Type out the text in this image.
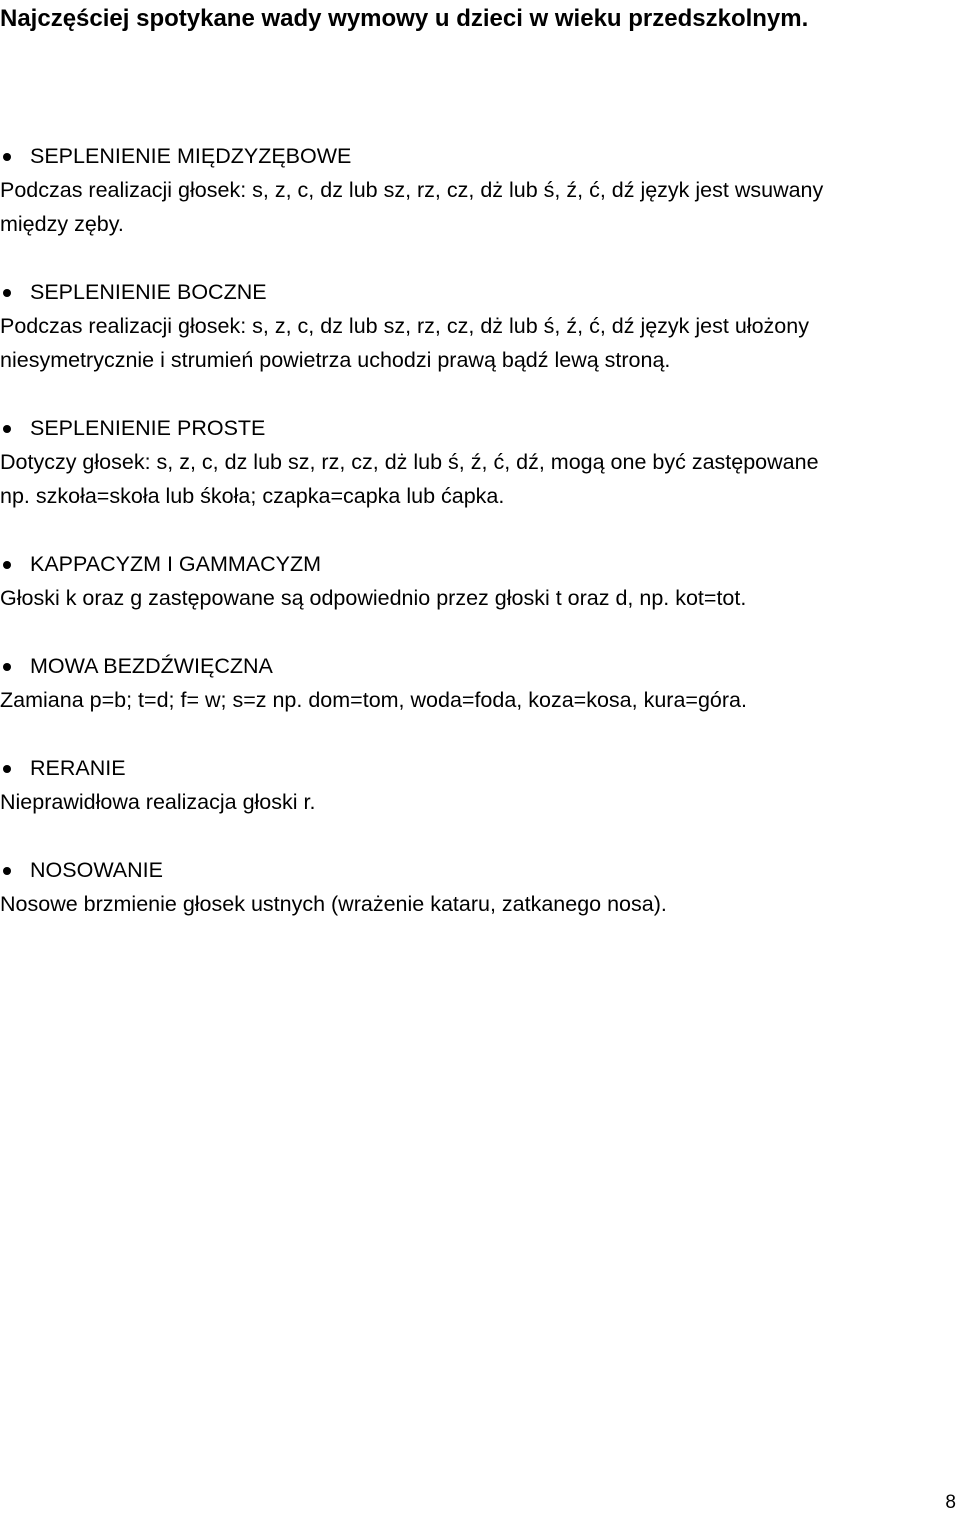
Najczęściej spotykane wady wymowy u dzieci w wieku przedszkolnym.
SEPLENIENIE MIĘDZYZĘBOWE
Podczas realizacji głosek: s, z, c, dz lub sz, rz, cz, dż lub ś, ź, ć, dź język jest wsuwany
między zęby.
SEPLENIENIE BOCZNE
Podczas realizacji głosek: s, z, c, dz lub sz, rz, cz, dż lub ś, ź, ć, dź język jest ułożony
niesymetrycznie i strumień powietrza uchodzi prawą bądź lewą stroną.
SEPLENIENIE PROSTE
Dotyczy głosek: s, z, c, dz lub sz, rz, cz, dż lub ś, ź, ć, dź, mogą one być zastępowane
np. szkoła=skoła lub śkoła; czapka=capka lub ćapka.
KAPPACYZM I GAMMACYZM
Głoski k oraz g zastępowane są odpowiednio przez głoski t oraz d, np. kot=tot.
MOWA BEZDŹWIĘCZNA
Zamiana p=b; t=d; f= w; s=z np. dom=tom, woda=foda, koza=kosa, kura=góra.
RERANIE
Nieprawidłowa realizacja głoski r.
NOSOWANIE
Nosowe brzmienie głosek ustnych (wrażenie kataru, zatkanego nosa).
8
